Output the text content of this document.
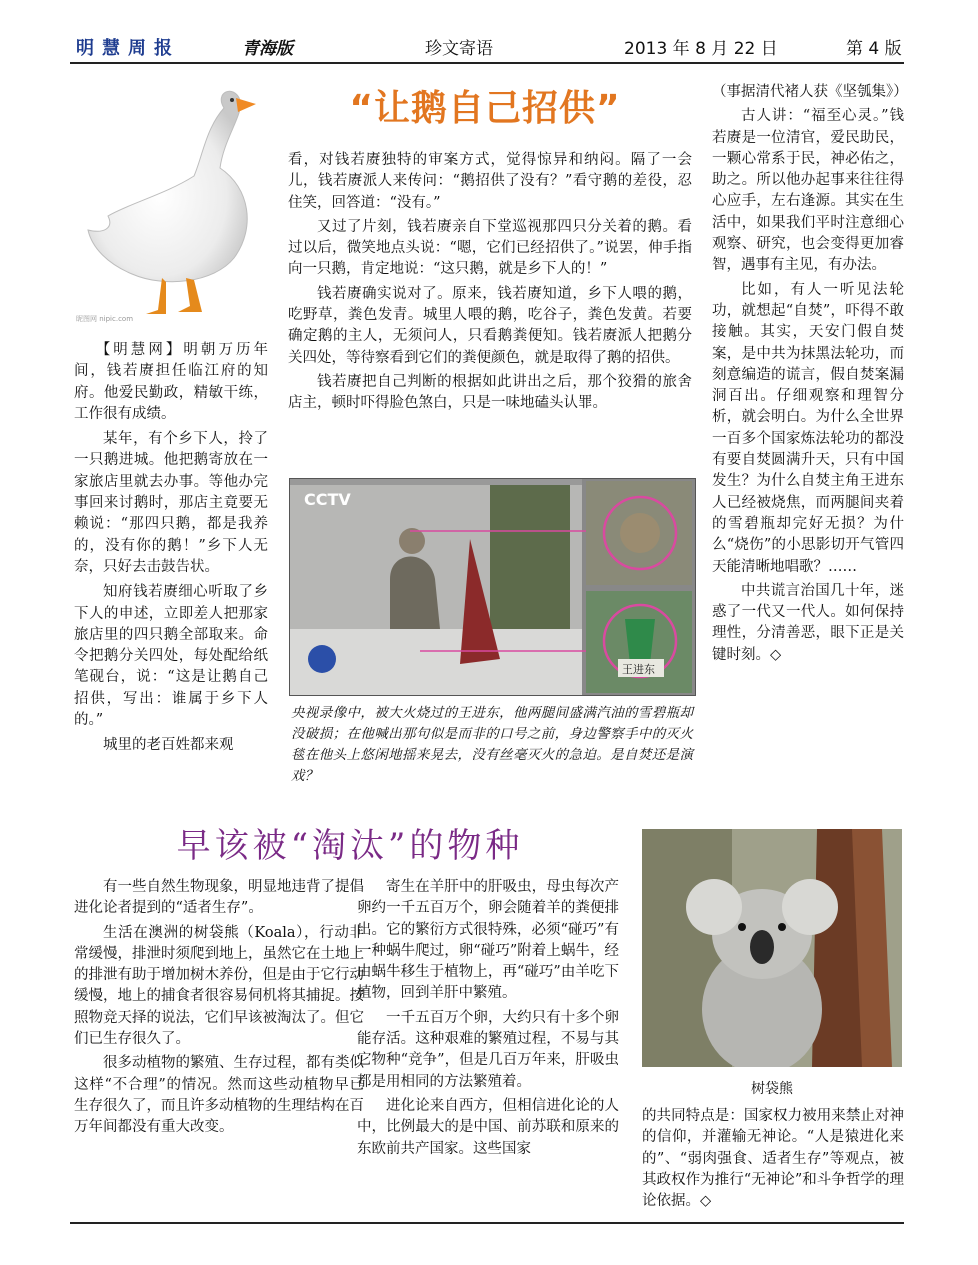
明慧周报	青海版	珍文寄语	2013 年 8 月 22 日	第 4 版
昵图网 nipic.com
“让鹅自己招供”

【明慧网】明朝万历年间，钱若赓担任临江府的知府。他爱民勤政，精敏干练，工作很有成绩。

某年，有个乡下人，拎了一只鹅进城。他把鹅寄放在一家旅店里就去办事。等他办完事回来讨鹅时，那店主竟要无赖说：“那四只鹅，都是我养的，没有你的鹅！”乡下人无奈，只好去击鼓告状。

知府钱若赓细心听取了乡下人的申述，立即差人把那家旅店里的四只鹅全部取来。命令把鹅分关四处，每处配给纸笔砚台，说：“这是让鹅自己招供，写出：谁属于乡下人的。”

城里的老百姓都来观

看，对钱若赓独特的审案方式，觉得惊异和纳闷。隔了一会儿，钱若赓派人来传问：“鹅招供了没有？”看守鹅的差役，忍住笑，回答道：“没有。”

又过了片刻，钱若赓亲自下堂巡视那四只分关着的鹅。看过以后，微笑地点头说：“嗯，它们已经招供了。”说罢，伸手指向一只鹅，肯定地说：“这只鹅，就是乡下人的！”

钱若赓确实说对了。原来，钱若赓知道，乡下人喂的鹅，吃野草，粪色发青。城里人喂的鹅，吃谷子，粪色发黄。若要确定鹅的主人，无须问人，只看鹅粪便知。钱若赓派人把鹅分关四处，等待察看到它们的粪便颜色，就是取得了鹅的招供。

钱若赓把自己判断的根据如此讲出之后，那个狡猾的旅舍店主，顿时吓得脸色煞白，只是一味地磕头认罪。

CCTV
王进东
央视录像中，被大火烧过的王进东，他两腿间盛满汽油的雪碧瓶却没破损；在他喊出那句似是而非的口号之前，身边警察手中的灭火毯在他头上悠闲地摇来晃去，没有丝毫灭火的急迫。是自焚还是演戏？

（事据清代褚人获《坚瓠集》）

古人讲：“福至心灵。”钱若赓是一位清官，爱民助民，一颗心常系于民，神必佑之，助之。所以他办起事来往往得心应手，左右逢源。其实在生活中，如果我们平时注意细心观察、研究，也会变得更加睿智，遇事有主见，有办法。

比如，有人一听见法轮功，就想起“自焚”，吓得不敢接触。其实，天安门假自焚案，是中共为抹黑法轮功，而刻意编造的谎言，假自焚案漏洞百出。仔细观察和理智分析，就会明白。为什么全世界一百多个国家炼法轮功的都没有要自焚圆满升天，只有中国发生？为什么自焚主角王进东人已经被烧焦，而两腿间夹着的雪碧瓶却完好无损？为什么“烧伤”的小思影切开气管四天能清晰地唱歌？……

中共谎言治国几十年，迷惑了一代又一代人。如何保持理性，分清善恶，眼下正是关键时刻。◇

早该被“淘汰”的物种

有一些自然生物现象，明显地违背了提倡进化论者提到的“适者生存”。

生活在澳洲的树袋熊（Koala），行动非常缓慢，排泄时须爬到地上，虽然它在土地上的排泄有助于增加树木养份，但是由于它行动缓慢，地上的捕食者很容易伺机将其捕捉。按照物竞天择的说法，它们早该被淘汰了。但它们已生存很久了。

很多动植物的繁殖、生存过程，都有类似这样“不合理”的情况。然而这些动植物早已生存很久了，而且许多动植物的生理结构在百万年间都没有重大改变。

寄生在羊肝中的肝吸虫，母虫每次产卵约一千五百万个，卵会随着羊的粪便排出。它的繁衍方式很特殊，必须“碰巧”有一种蜗牛爬过，卵“碰巧”附着上蜗牛，经由蜗牛移生于植物上，再“碰巧”由羊吃下植物，回到羊肝中繁殖。

一千五百万个卵，大约只有十多个卵能存活。这种艰难的繁殖过程，不易与其它物种“竞争”，但是几百万年来，肝吸虫都是用相同的方法繁殖着。

进化论来自西方，但相信进化论的人中，比例最大的是中国、前苏联和原来的东欧前共产国家。这些国家

树袋熊

的共同特点是：国家权力被用来禁止对神的信仰，并灌输无神论。“人是猿进化来的”、“弱肉强食、适者生存”等观点，被其政权作为推行“无神论”和斗争哲学的理论依据。◇
